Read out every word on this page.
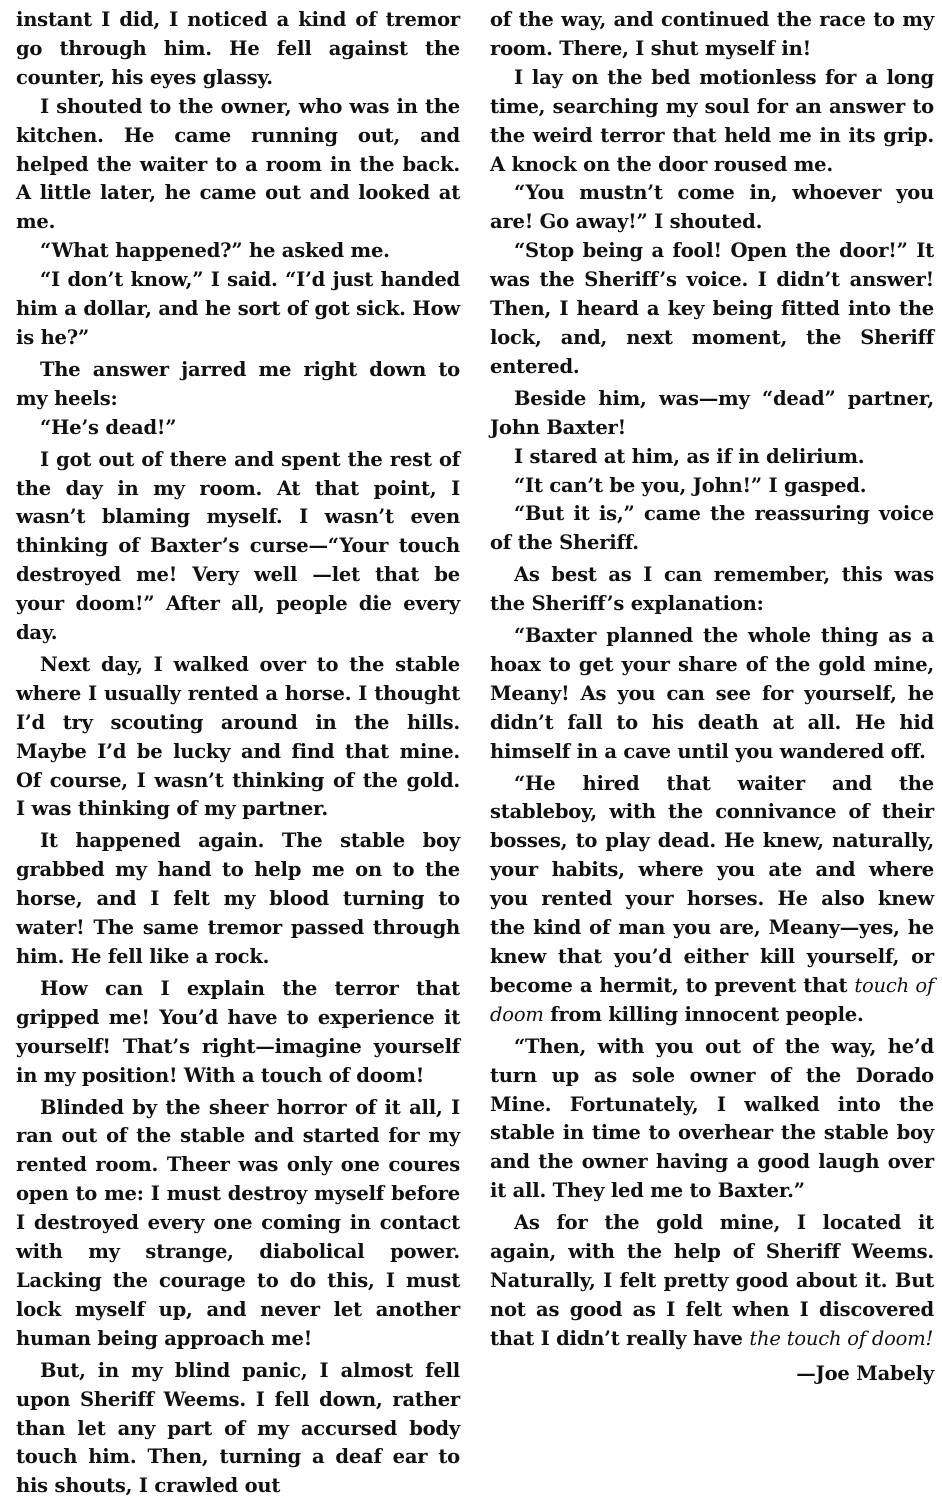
instant I did, I noticed a kind of tremor go through him. He fell against the counter, his eyes glassy.

I shouted to the owner, who was in the kitchen. He came running out, and helped the waiter to a room in the back. A little later, he came out and looked at me.

“What happened?” he asked me.

“I don’t know,” I said. “I’d just handed him a dollar, and he sort of got sick. How is he?”

The answer jarred me right down to my heels:

“He’s dead!”

I got out of there and spent the rest of the day in my room. At that point, I wasn’t blaming myself. I wasn’t even thinking of Baxter’s curse—“Your touch destroyed me! Very well —let that be your doom!” After all, people die every day.

Next day, I walked over to the stable where I usually rented a horse. I thought I’d try scouting around in the hills. Maybe I’d be lucky and find that mine. Of course, I wasn’t thinking of the gold. I was thinking of my partner.

It happened again. The stable boy grabbed my hand to help me on to the horse, and I felt my blood turning to water! The same tremor passed through him. He fell like a rock.

How can I explain the terror that gripped me! You’d have to experience it yourself! That’s right—imagine yourself in my position! With a touch of doom!

Blinded by the sheer horror of it all, I ran out of the stable and started for my rented room. Theer was only one coures open to me: I must destroy myself before I destroyed every one coming in contact with my strange, diabolical power. Lacking the courage to do this, I must lock myself up, and never let another human being approach me!

But, in my blind panic, I almost fell upon Sheriff Weems. I fell down, rather than let any part of my accursed body touch him. Then, turning a deaf ear to his shouts, I crawled out

of the way, and continued the race to my room. There, I shut myself in!

I lay on the bed motionless for a long time, searching my soul for an answer to the weird terror that held me in its grip. A knock on the door roused me.

“You mustn’t come in, whoever you are! Go away!” I shouted.

“Stop being a fool! Open the door!” It was the Sheriff’s voice. I didn’t answer! Then, I heard a key being fitted into the lock, and, next moment, the Sheriff entered.

Beside him, was—my “dead” partner, John Baxter!

I stared at him, as if in delirium.

“It can’t be you, John!” I gasped.

“But it is,” came the reassuring voice of the Sheriff.

As best as I can remember, this was the Sheriff’s explanation:

“Baxter planned the whole thing as a hoax to get your share of the gold mine, Meany! As you can see for yourself, he didn’t fall to his death at all. He hid himself in a cave until you wandered off.

“He hired that waiter and the stableboy, with the connivance of their bosses, to play dead. He knew, naturally, your habits, where you ate and where you rented your horses. He also knew the kind of man you are, Meany—yes, he knew that you’d either kill yourself, or become a hermit, to prevent that touch of doom from killing innocent people.

“Then, with you out of the way, he’d turn up as sole owner of the Dorado Mine. Fortunately, I walked into the stable in time to overhear the stable boy and the owner having a good laugh over it all. They led me to Baxter.”

As for the gold mine, I located it again, with the help of Sheriff Weems. Naturally, I felt pretty good about it. But not as good as I felt when I discovered that I didn’t really have the touch of doom!

—Joe Mabely
